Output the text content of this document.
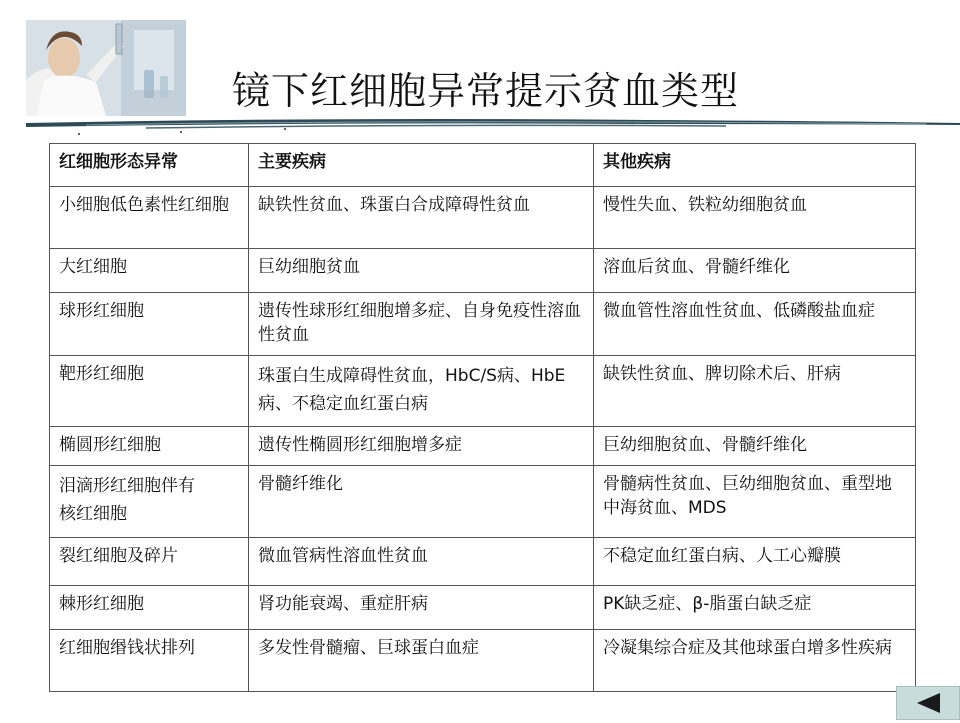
镜下红细胞异常提示贫血类型
红细胞形态异常	主要疾病	其他疾病
小细胞低色素性红细胞	缺铁性贫血、珠蛋白合成障碍性贫血	慢性失血、铁粒幼细胞贫血
大红细胞	巨幼细胞贫血	溶血后贫血、骨髓纤维化
球形红细胞	遗传性球形红细胞增多症、自身免疫性溶血性贫血	微血管性溶血性贫血、低磷酸盐血症
靶形红细胞	珠蛋白生成障碍性贫血，HbC/S病、HbE病、不稳定血红蛋白病	缺铁性贫血、脾切除术后、肝病
椭圆形红细胞	遗传性椭圆形红细胞增多症	巨幼细胞贫血、骨髓纤维化
泪滴形红细胞伴有核红细胞	骨髓纤维化	骨髓病性贫血、巨幼细胞贫血、重型地中海贫血、MDS
裂红细胞及碎片	微血管病性溶血性贫血	不稳定血红蛋白病、人工心瓣膜
棘形红细胞	肾功能衰竭、重症肝病	PK缺乏症、β-脂蛋白缺乏症
红细胞缗钱状排列	多发性骨髓瘤、巨球蛋白血症	冷凝集综合症及其他球蛋白增多性疾病
